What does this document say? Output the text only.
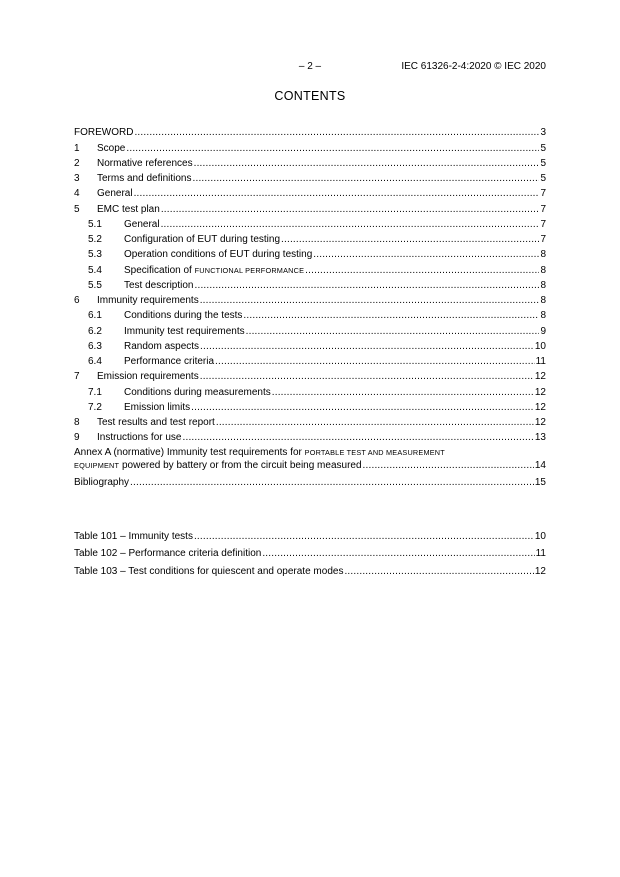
– 2 –	IEC 61326-2-4:2020 © IEC 2020
CONTENTS
FOREWORD .....	3
1	Scope .....	5
2	Normative references .....	5
3	Terms and definitions .....	5
4	General .....	7
5	EMC test plan .....	7
5.1	General .....	7
5.2	Configuration of EUT during testing .....	7
5.3	Operation conditions of EUT during testing .....	8
5.4	Specification of FUNCTIONAL PERFORMANCE .....	8
5.5	Test description .....	8
6	Immunity requirements .....	8
6.1	Conditions during the tests .....	8
6.2	Immunity test requirements .....	9
6.3	Random aspects .....	10
6.4	Performance criteria .....	11
7	Emission requirements .....	12
7.1	Conditions during measurements .....	12
7.2	Emission limits .....	12
8	Test results and test report .....	12
9	Instructions for use .....	13
Annex A (normative) Immunity test requirements for PORTABLE TEST AND MEASUREMENT
EQUIPMENT powered by battery or from the circuit being measured .....	14
Bibliography .....	15
Table 101 – Immunity tests .....	10
Table 102 – Performance criteria definition .....	11
Table 103 – Test conditions for quiescent and operate modes .....	12
